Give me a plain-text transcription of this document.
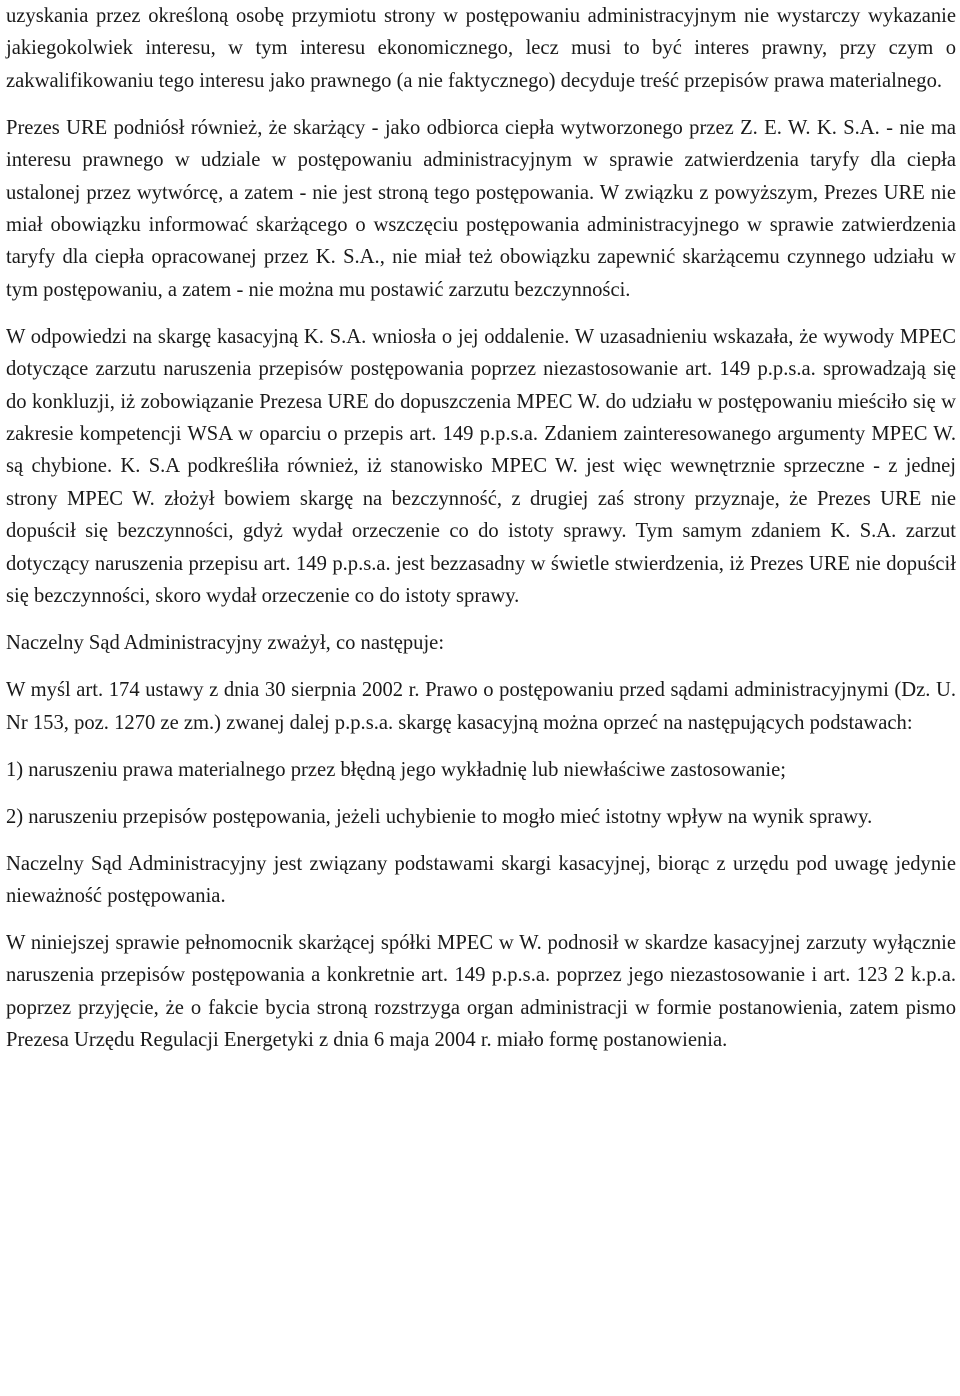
uzyskania przez określoną osobę przymiotu strony w postępowaniu administracyjnym nie wystarczy wykazanie jakiegokolwiek interesu, w tym interesu ekonomicznego, lecz musi to być interes prawny, przy czym o zakwalifikowaniu tego interesu jako prawnego (a nie faktycznego) decyduje treść przepisów prawa materialnego.

Prezes URE podniósł również, że skarżący - jako odbiorca ciepła wytworzonego przez Z. E. W. K. S.A. - nie ma interesu prawnego w udziale w postępowaniu administracyjnym w sprawie zatwierdzenia taryfy dla ciepła ustalonej przez wytwórcę, a zatem - nie jest stroną tego postępowania. W związku z powyższym, Prezes URE nie miał obowiązku informować skarżącego o wszczęciu postępowania administracyjnego w sprawie zatwierdzenia taryfy dla ciepła opracowanej przez K. S.A., nie miał też obowiązku zapewnić skarżącemu czynnego udziału w tym postępowaniu, a zatem - nie można mu postawić zarzutu bezczynności.

W odpowiedzi na skargę kasacyjną K. S.A. wniosła o jej oddalenie. W uzasadnieniu wskazała, że wywody MPEC dotyczące zarzutu naruszenia przepisów postępowania poprzez niezastosowanie art. 149 p.p.s.a. sprowadzają się do konkluzji, iż zobowiązanie Prezesa URE do dopuszczenia MPEC W. do udziału w postępowaniu mieściło się w zakresie kompetencji WSA w oparciu o przepis art. 149 p.p.s.a. Zdaniem zainteresowanego argumenty MPEC W. są chybione. K. S.A podkreśliła również, iż stanowisko MPEC W. jest więc wewnętrznie sprzeczne - z jednej strony MPEC W. złożył bowiem skargę na bezczynność, z drugiej zaś strony przyznaje, że Prezes URE nie dopuścił się bezczynności, gdyż wydał orzeczenie co do istoty sprawy. Tym samym zdaniem K. S.A. zarzut dotyczący naruszenia przepisu art. 149 p.p.s.a. jest bezzasadny w świetle stwierdzenia, iż Prezes URE nie dopuścił się bezczynności, skoro wydał orzeczenie co do istoty sprawy.

Naczelny Sąd Administracyjny zważył, co następuje:

W myśl art. 174 ustawy z dnia 30 sierpnia 2002 r. Prawo o postępowaniu przed sądami administracyjnymi (Dz. U. Nr 153, poz. 1270 ze zm.) zwanej dalej p.p.s.a. skargę kasacyjną można oprzeć na następujących podstawach:

1) naruszeniu prawa materialnego przez błędną jego wykładnię lub niewłaściwe zastosowanie;

2) naruszeniu przepisów postępowania, jeżeli uchybienie to mogło mieć istotny wpływ na wynik sprawy.

Naczelny Sąd Administracyjny jest związany podstawami skargi kasacyjnej, biorąc z urzędu pod uwagę jedynie nieważność postępowania.

W niniejszej sprawie pełnomocnik skarżącej spółki MPEC w W. podnosił w skardze kasacyjnej zarzuty wyłącznie naruszenia przepisów postępowania a konkretnie art. 149 p.p.s.a. poprzez jego niezastosowanie i art. 123 2 k.p.a. poprzez przyjęcie, że o fakcie bycia stroną rozstrzyga organ administracji w formie postanowienia, zatem pismo Prezesa Urzędu Regulacji Energetyki z dnia 6 maja 2004 r. miało formę postanowienia.
